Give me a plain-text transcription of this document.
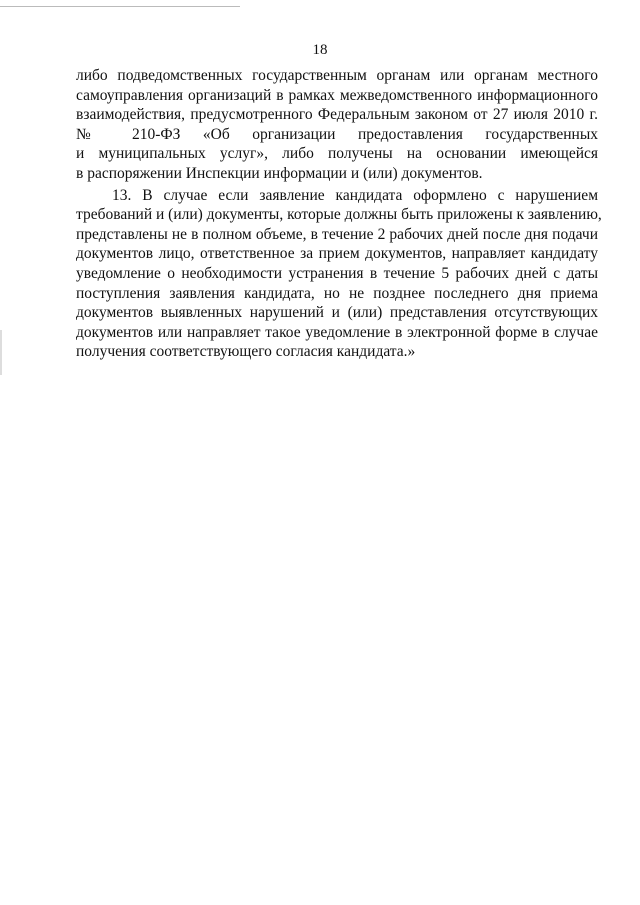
18
либо подведомственных государственным органам или органам местного
самоуправления организаций в рамках межведомственного информационного
взаимодействия, предусмотренного Федеральным законом от 27 июля 2010 г.
№ 210-ФЗ «Об организации предоставления государственных
и муниципальных услуг», либо получены на основании имеющейся
в распоряжении Инспекции информации и (или) документов.
13. В случае если заявление кандидата оформлено с нарушением
требований и (или) документы, которые должны быть приложены к заявлению,
представлены не в полном объеме, в течение 2 рабочих дней после дня подачи
документов лицо, ответственное за прием документов, направляет кандидату
уведомление о необходимости устранения в течение 5 рабочих дней с даты
поступления заявления кандидата, но не позднее последнего дня приема
документов выявленных нарушений и (или) представления отсутствующих
документов или направляет такое уведомление в электронной форме в случае
получения соответствующего согласия кандидата.»
